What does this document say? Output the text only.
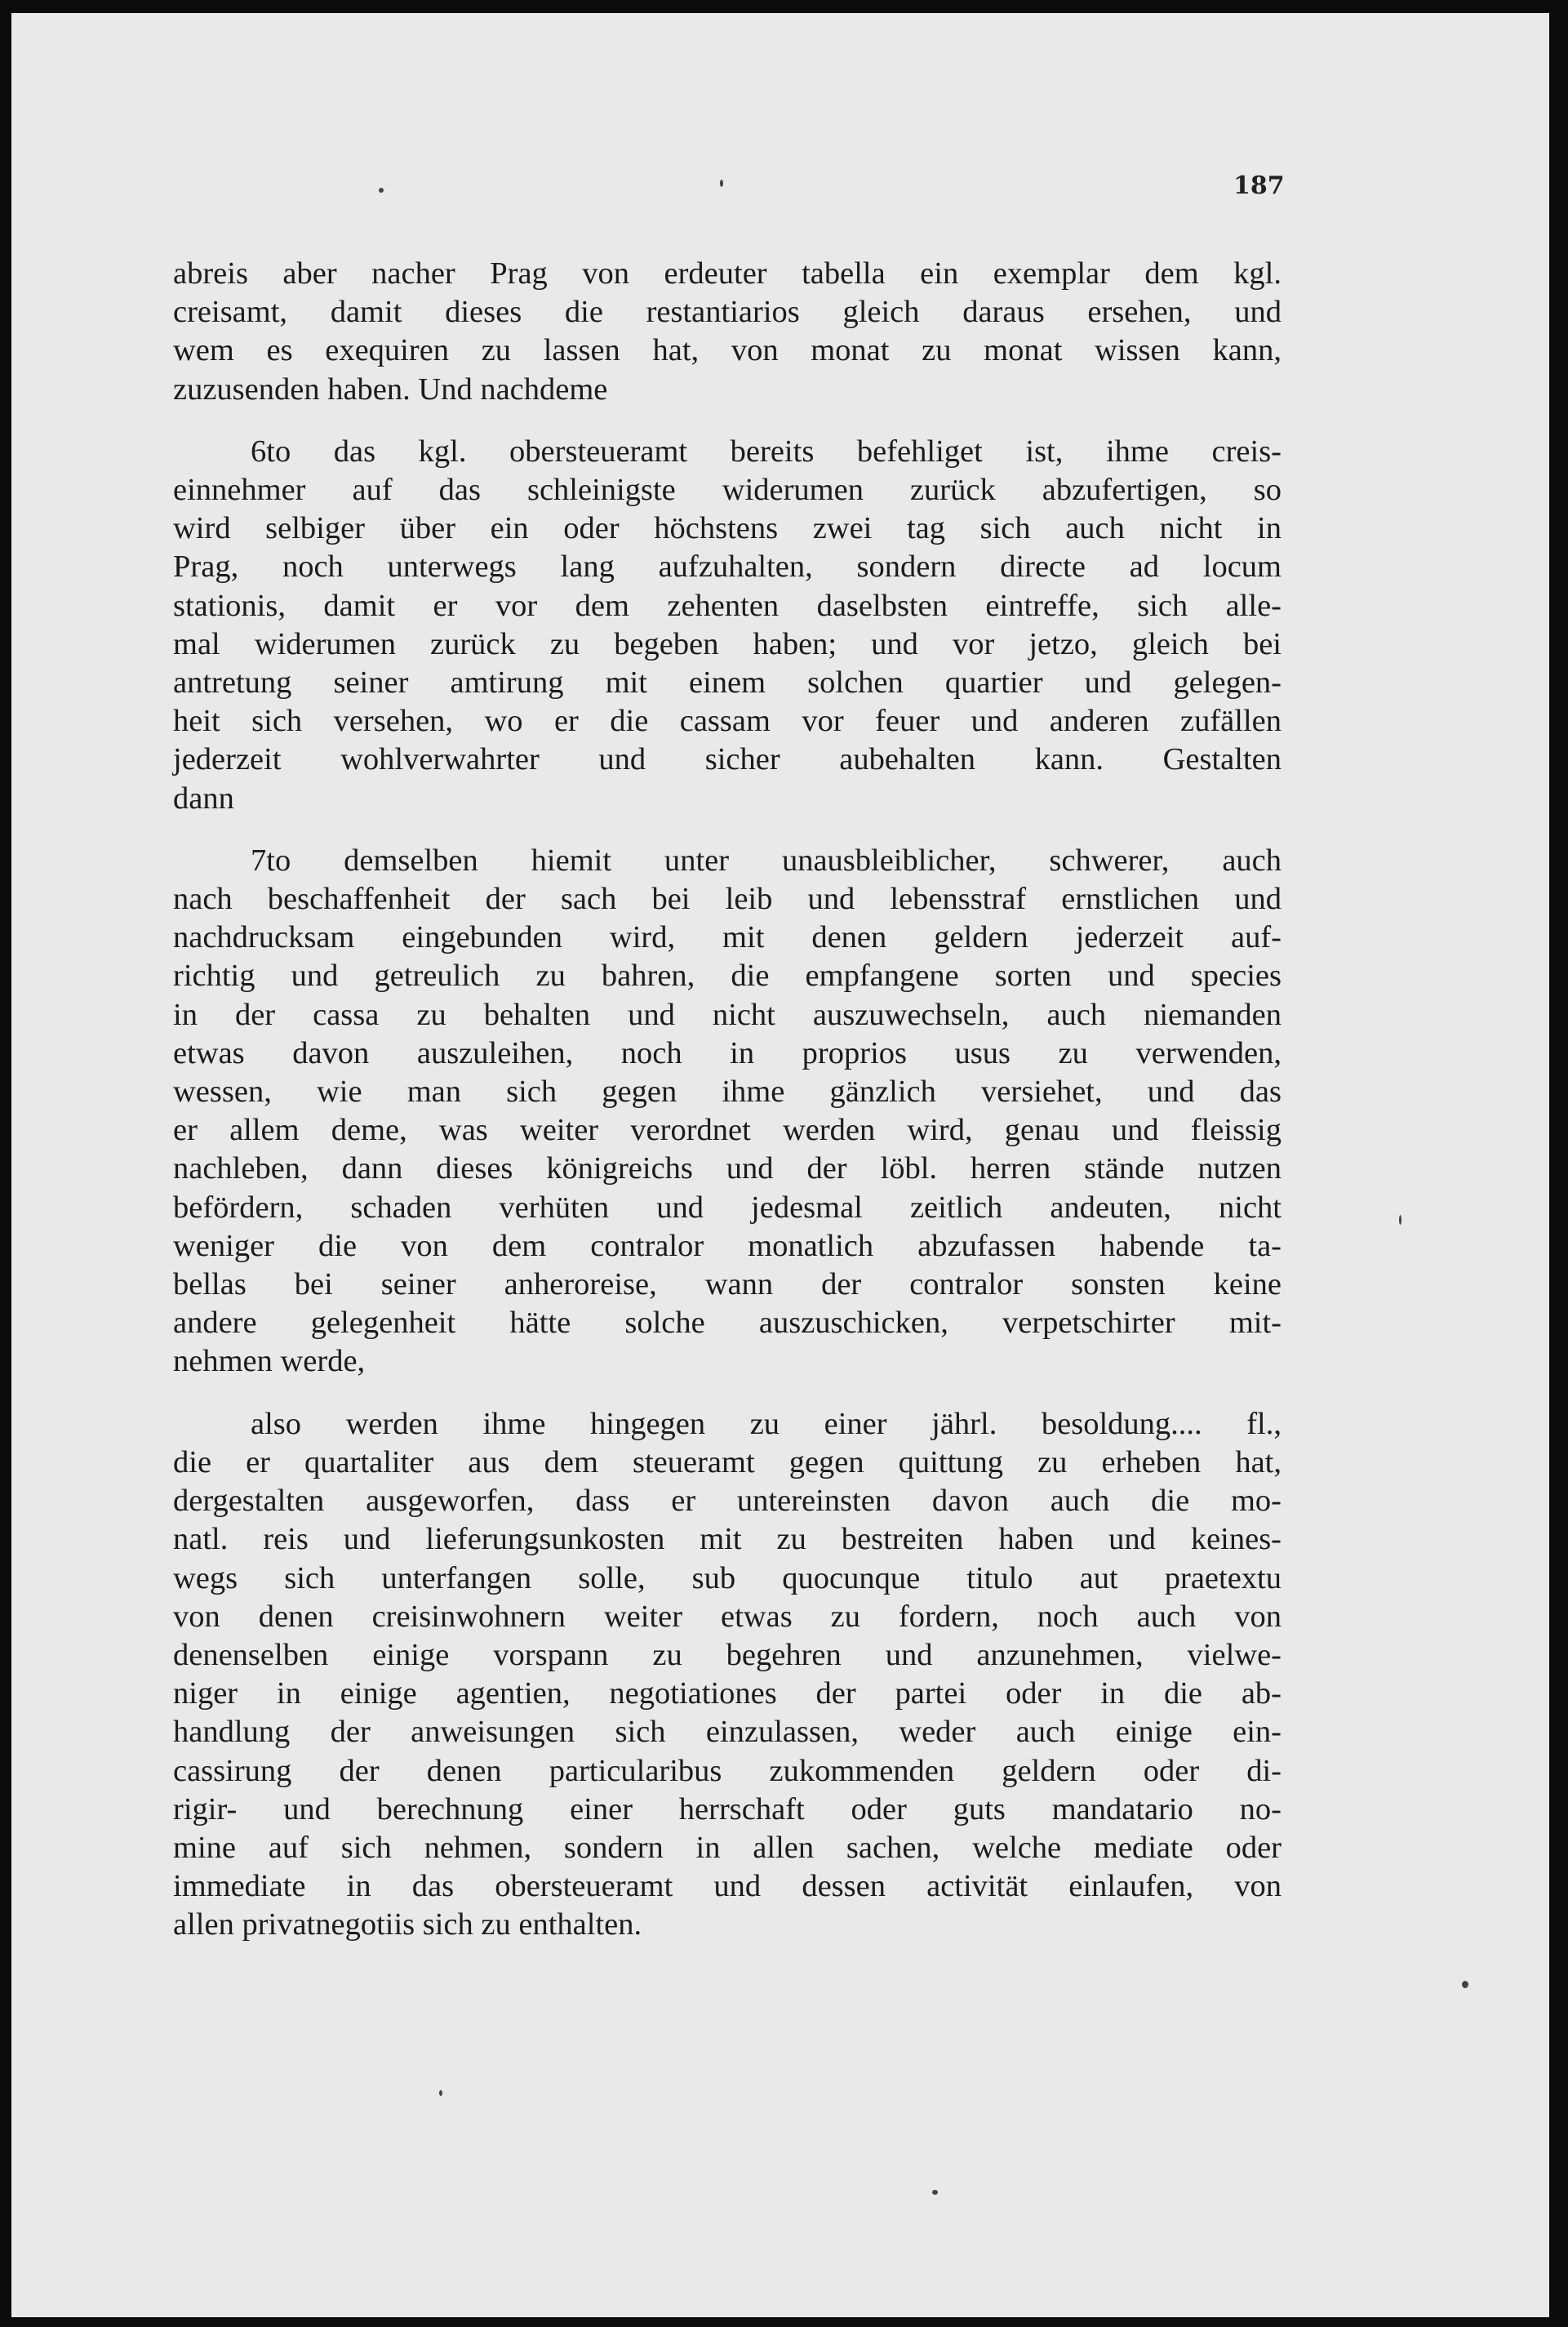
187
abreis aber nacher Prag von erdeuter tabella ein exemplar dem kgl.
creisamt, damit dieses die restantiarios gleich daraus ersehen, und
wem es exequiren zu lassen hat, von monat zu monat wissen kann,
zuzusenden haben. Und nachdeme
6to das kgl. obersteueramt bereits befehliget ist, ihme creis-
einnehmer auf das schleinigste widerumen zurück abzufertigen, so
wird selbiger über ein oder höchstens zwei tag sich auch nicht in
Prag, noch unterwegs lang aufzuhalten, sondern directe ad locum
stationis, damit er vor dem zehenten daselbsten eintreffe, sich alle-
mal widerumen zurück zu begeben haben; und vor jetzo, gleich bei
antretung seiner amtirung mit einem solchen quartier und gelegen-
heit sich versehen, wo er die cassam vor feuer und anderen zufällen
jederzeit wohlverwahrter und sicher aubehalten kann. Gestalten
dann
7to demselben hiemit unter unausbleiblicher, schwerer, auch
nach beschaffenheit der sach bei leib und lebensstraf ernstlichen und
nachdrucksam eingebunden wird, mit denen geldern jederzeit auf-
richtig und getreulich zu bahren, die empfangene sorten und species
in der cassa zu behalten und nicht auszuwechseln, auch niemanden
etwas davon auszuleihen, noch in proprios usus zu verwenden,
wessen, wie man sich gegen ihme gänzlich versiehet, und das
er allem deme, was weiter verordnet werden wird, genau und fleissig
nachleben, dann dieses königreichs und der löbl. herren stände nutzen
befördern, schaden verhüten und jedesmal zeitlich andeuten, nicht
weniger die von dem contralor monatlich abzufassen habende ta-
bellas bei seiner anheroreise, wann der contralor sonsten keine
andere gelegenheit hätte solche auszuschicken, verpetschirter mit-
nehmen werde,
also werden ihme hingegen zu einer jährl. besoldung.... fl.,
die er quartaliter aus dem steueramt gegen quittung zu erheben hat,
dergestalten ausgeworfen, dass er untereinsten davon auch die mo-
natl. reis und lieferungsunkosten mit zu bestreiten haben und keines-
wegs sich unterfangen solle, sub quocunque titulo aut praetextu
von denen creisinwohnern weiter etwas zu fordern, noch auch von
denenselben einige vorspann zu begehren und anzunehmen, vielwe-
niger in einige agentien, negotiationes der partei oder in die ab-
handlung der anweisungen sich einzulassen, weder auch einige ein-
cassirung der denen particularibus zukommenden geldern oder di-
rigir- und berechnung einer herrschaft oder guts mandatario no-
mine auf sich nehmen, sondern in allen sachen, welche mediate oder
immediate in das obersteueramt und dessen activität einlaufen, von
allen privatnegotiis sich zu enthalten.
